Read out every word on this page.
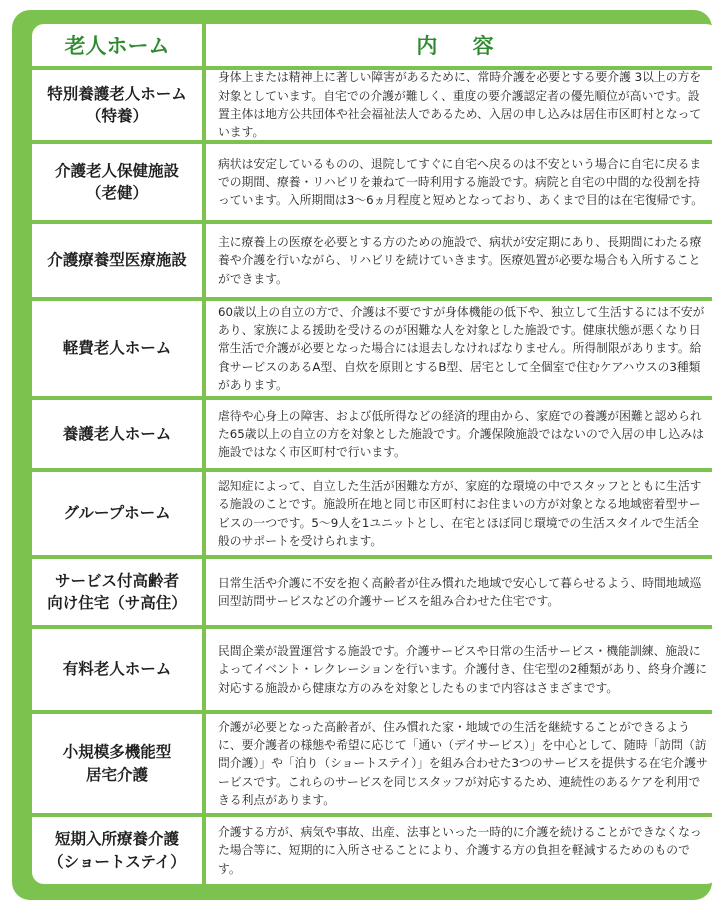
老人ホーム	内 容
特別養護老人ホーム
（特養）
身体上または精神上に著しい障害があるために、常時介護を必要とする要介護 3以上の方を対象としています。自宅での介護が難しく、重度の要介護認定者の優先順位が高いです。設置主体は地方公共団体や社会福祉法人であるため、入居の申し込みは居住市区町村となっています。
介護老人保健施設
（老健）
病状は安定しているものの、退院してすぐに自宅へ戻るのは不安という場合に自宅に戻るまでの期間、療養・リハビリを兼ねて一時利用する施設です。病院と自宅の中間的な役割を持っています。入所期間は3〜6ヵ月程度と短めとなっており、あくまで目的は在宅復帰です。
介護療養型医療施設
主に療養上の医療を必要とする方のための施設で、病状が安定期にあり、長期間にわたる療養や介護を行いながら、リハビリを続けていきます。医療処置が必要な場合も入所することができます。
軽費老人ホーム
60歳以上の自立の方で、介護は不要ですが身体機能の低下や、独立して生活するには不安があり、家族による援助を受けるのが困難な人を対象とした施設です。健康状態が悪くなり日常生活で介護が必要となった場合には退去しなければなりません。所得制限があります。給食サービスのあるA型、自炊を原則とするB型、居宅として全個室で住むケアハウスの3種類があります。
養護老人ホーム
虐待や心身上の障害、および低所得などの経済的理由から、家庭での養護が困難と認められた65歳以上の自立の方を対象とした施設です。介護保険施設ではないので入居の申し込みは施設ではなく市区町村で行います。
グループホーム
認知症によって、自立した生活が困難な方が、家庭的な環境の中でスタッフとともに生活する施設のことです。施設所在地と同じ市区町村にお住まいの方が対象となる地域密着型サービスの一つです。5〜9人を1ユニットとし、在宅とほぼ同じ環境での生活スタイルで生活全般のサポートを受けられます。
サービス付高齢者
向け住宅（サ高住）
日常生活や介護に不安を抱く高齢者が住み慣れた地域で安心して暮らせるよう、時間地域巡回型訪問サービスなどの介護サービスを組み合わせた住宅です。
有料老人ホーム
民間企業が設置運営する施設です。介護サービスや日常の生活サービス・機能訓練、施設によってイベント・レクレーションを行います。介護付き、住宅型の2種類があり、終身介護に対応する施設から健康な方のみを対象としたものまで内容はさまざまです。
小規模多機能型
居宅介護
介護が必要となった高齢者が、住み慣れた家・地域での生活を継続することができるように、要介護者の様態や希望に応じて「通い（デイサービス）」を中心として、随時「訪問（訪問介護）」や「泊り（ショートステイ）」を組み合わせた3つのサービスを提供する在宅介護サービスです。これらのサービスを同じスタッフが対応するため、連続性のあるケアを利用できる利点があります。
短期入所療養介護
（ショートステイ）
介護する方が、病気や事故、出産、法事といった一時的に介護を続けることができなくなった場合等に、短期的に入所させることにより、介護する方の負担を軽減するためのものです。
